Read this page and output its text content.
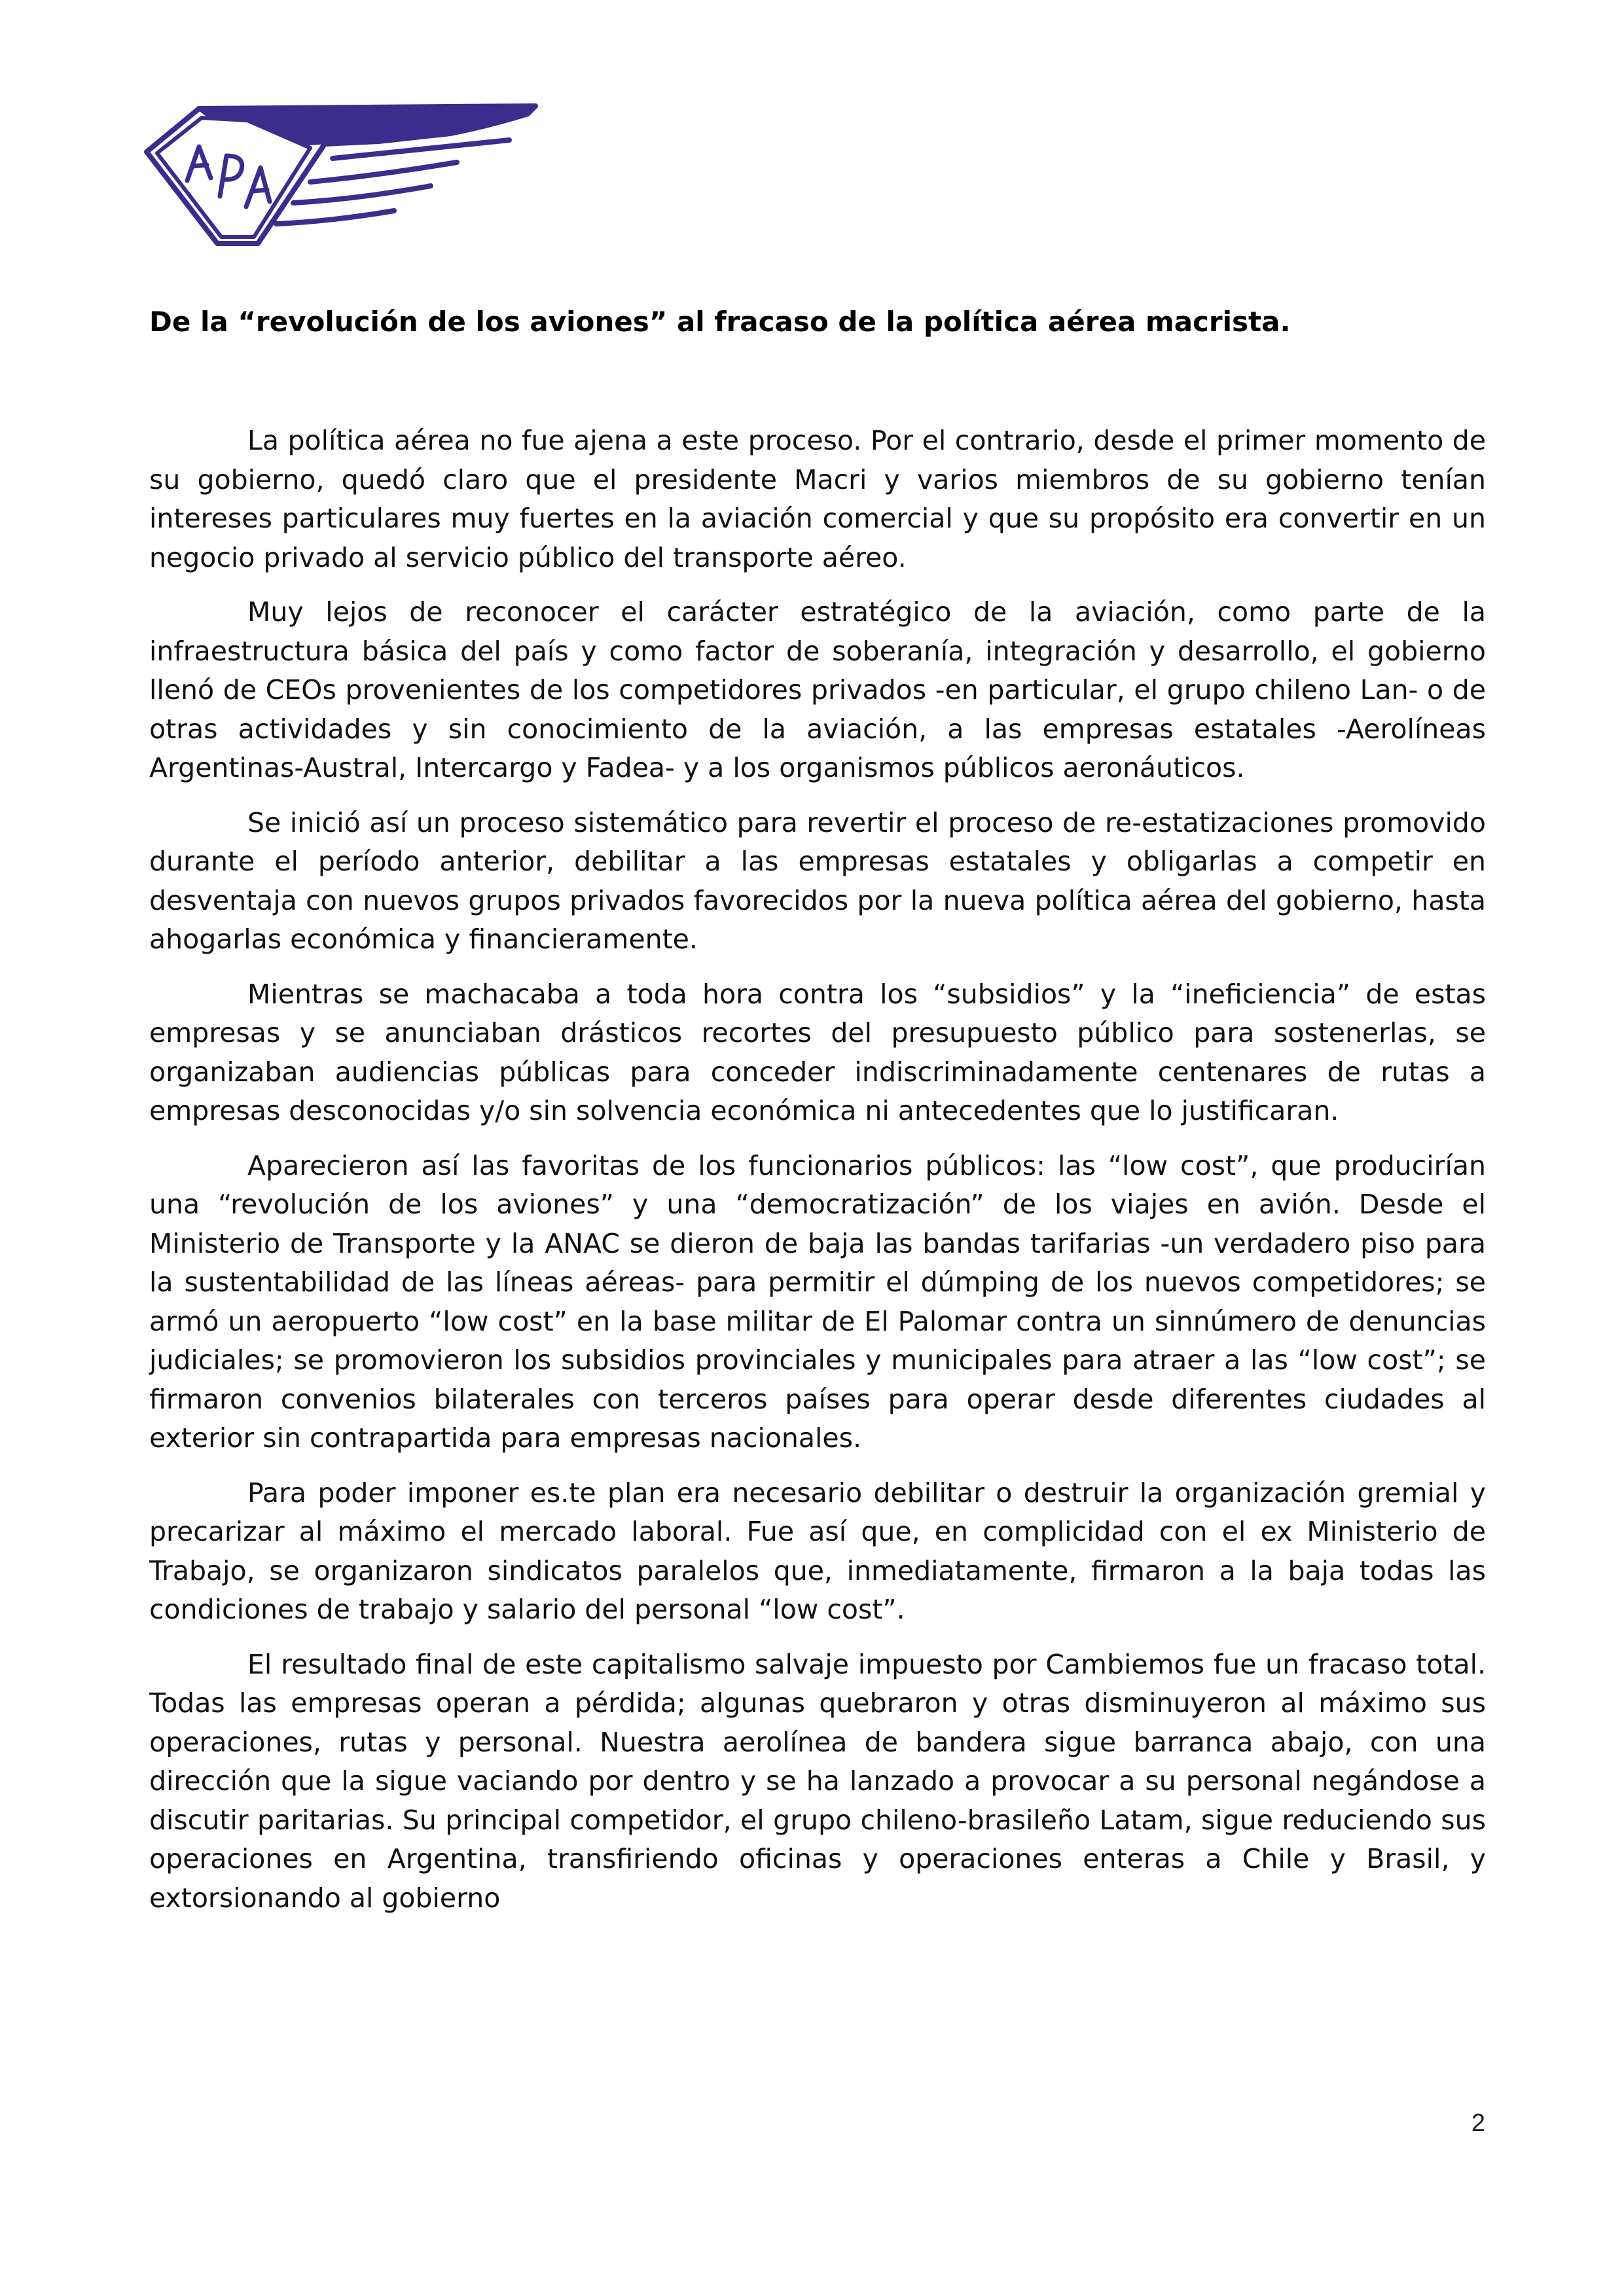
De la “revolución de los aviones” al fracaso de la política aérea macrista.

La política aérea no fue ajena a este proceso. Por el contrario, desde el primer momento de su gobierno, quedó claro que el presidente Macri y varios miembros de su gobierno tenían intereses particulares muy fuertes en la aviación comercial y que su propósito era convertir en un negocio privado al servicio público del transporte aéreo.

Muy lejos de reconocer el carácter estratégico de la aviación, como parte de la infraestructura básica del país y como factor de soberanía, integración y desarrollo, el gobierno llenó de CEOs provenientes de los competidores privados -en particular, el grupo chileno Lan- o de otras actividades y sin conocimiento de la aviación, a las empresas estatales -Aerolíneas Argentinas-Austral, Intercargo y Fadea- y a los organismos públicos aeronáuticos.

Se inició así un proceso sistemático para revertir el proceso de re-estatizaciones promovido durante el período anterior, debilitar a las empresas estatales y obligarlas a competir en desventaja con nuevos grupos privados favorecidos por la nueva política aérea del gobierno, hasta ahogarlas económica y financieramente.

Mientras se machacaba a toda hora contra los “subsidios” y la “ineficiencia” de estas empresas y se anunciaban drásticos recortes del presupuesto público para sostenerlas, se organizaban audiencias públicas para conceder indiscriminadamente centenares de rutas a empresas desconocidas y/o sin solvencia económica ni antecedentes que lo justificaran.

Aparecieron así las favoritas de los funcionarios públicos: las “low cost”, que producirían una “revolución de los aviones” y una “democratización” de los viajes en avión. Desde el Ministerio de Transporte y la ANAC se dieron de baja las bandas tarifarias -un verdadero piso para la sustentabilidad de las líneas aéreas- para permitir el dúmping de los nuevos competidores; se armó un aeropuerto “low cost” en la base militar de El Palomar contra un sinnúmero de denuncias judiciales; se promovieron los subsidios provinciales y municipales para atraer a las “low cost”; se firmaron convenios bilaterales con terceros países para operar desde diferentes ciudades al exterior sin contrapartida para empresas nacionales.

Para poder imponer es.te plan era necesario debilitar o destruir la organización gremial y precarizar al máximo el mercado laboral. Fue así que, en complicidad con el ex Ministerio de Trabajo, se organizaron sindicatos paralelos que, inmediatamente, firmaron a la baja todas las condiciones de trabajo y salario del personal “low cost”.

El resultado final de este capitalismo salvaje impuesto por Cambiemos fue un fracaso total. Todas las empresas operan a pérdida; algunas quebraron y otras disminuyeron al máximo sus operaciones, rutas y personal. Nuestra aerolínea de bandera sigue barranca abajo, con una dirección que la sigue vaciando por dentro y se ha lanzado a provocar a su personal negándose a discutir paritarias. Su principal competidor, el grupo chileno-brasileño Latam, sigue reduciendo sus operaciones en Argentina, transfiriendo oficinas y operaciones enteras a Chile y Brasil, y extorsionando al gobierno

2
